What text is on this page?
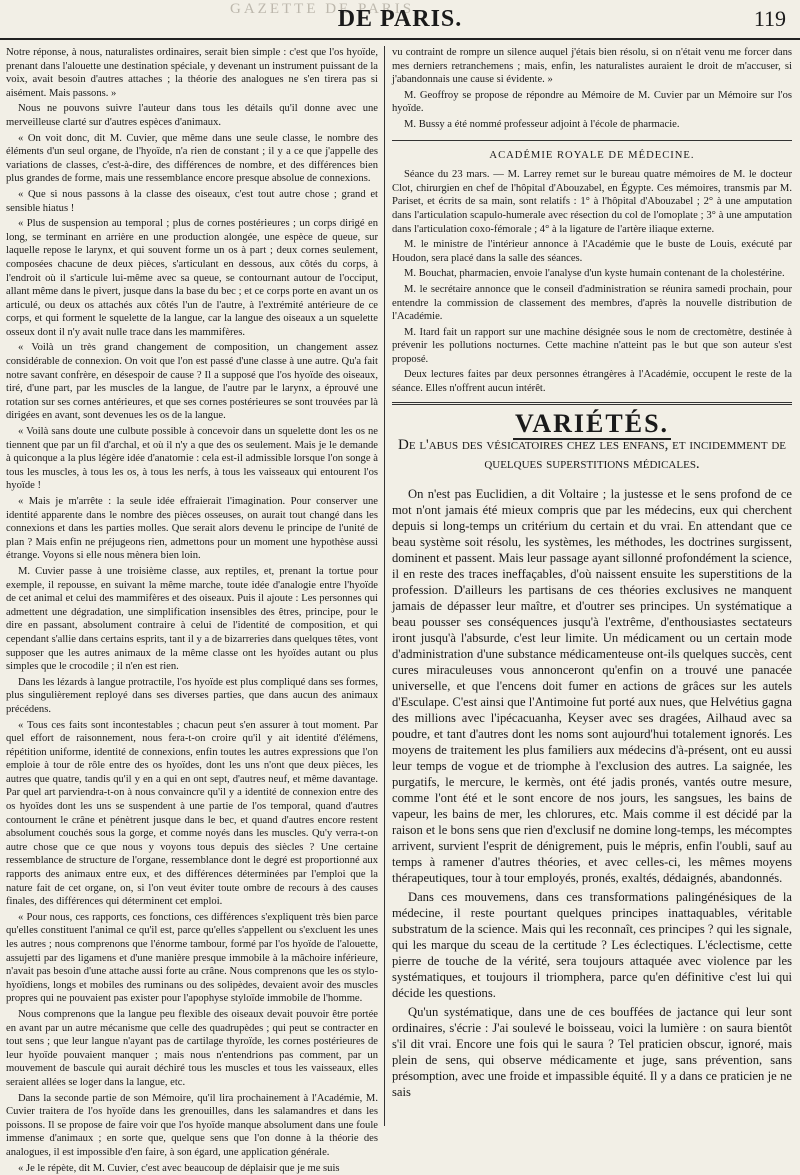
GAZETTE DE PARIS
DE PARIS.	119

Notre réponse, à nous, naturalistes ordinaires, serait bien simple : c'est que l'os hyoïde, prenant dans l'alouette une destination spéciale, y devenant un instrument puissant de la voix, avait besoin d'autres attaches ; la théorie des analogues ne s'en tirera pas si aisément. Mais passons. »

Nous ne pouvons suivre l'auteur dans tous les détails qu'il donne avec une merveilleuse clarté sur d'autres espèces d'animaux.

« On voit donc, dit M. Cuvier, que même dans une seule classe, le nombre des éléments d'un seul organe, de l'hyoïde, n'a rien de constant ; il y a ce que j'appelle des variations de classes, c'est-à-dire, des différences de nombre, et des différences bien plus grandes de forme, mais une ressemblance encore presque absolue de connexions.

« Que si nous passons à la classe des oiseaux, c'est tout autre chose ; grand et sensible hiatus !

« Plus de suspension au temporal ; plus de cornes postérieures ; un corps dirigé en long, se terminant en arrière en une production alongée, une espèce de queue, sur laquelle repose le larynx, et qui souvent forme un os à part ; deux cornes seulement, composées chacune de deux pièces, s'articulant en dessous, aux côtés du corps, à l'endroit où il s'articule lui-même avec sa queue, se contournant autour de l'occiput, allant même dans le pivert, jusque dans la base du bec ; et ce corps porte en avant un os articulé, ou deux os attachés aux côtés l'un de l'autre, à l'extrémité antérieure de ce corps, et qui forment le squelette de la langue, car la langue des oiseaux a un squelette osseux dont il n'y avait nulle trace dans les mammifères.

« Voilà un très grand changement de composition, un changement assez considérable de connexion. On voit que l'on est passé d'une classe à une autre. Qu'a fait notre savant confrère, en désespoir de cause ? Il a supposé que l'os hyoïde des oiseaux, tiré, d'une part, par les muscles de la langue, de l'autre par le larynx, a éprouvé une rotation sur ses cornes antérieures, et que ses cornes postérieures se sont trouvées par là dirigées en avant, sont devenues les os de la langue.

« Voilà sans doute une culbute possible à concevoir dans un squelette dont les os ne tiennent que par un fil d'archal, et où il n'y a que des os seulement. Mais je le demande à quiconque a la plus légère idée d'anatomie : cela est-il admissible lorsque l'on songe à tous les muscles, à tous les os, à tous les nerfs, à tous les vaisseaux qui entourent l'os hyoïde !

« Mais je m'arrête : la seule idée effraierait l'imagination. Pour conserver une identité apparente dans le nombre des pièces osseuses, on aurait tout changé dans les connexions et dans les parties molles. Que serait alors devenu le principe de l'unité de plan ? Mais enfin ne préjugeons rien, admettons pour un moment une hypothèse aussi étrange. Voyons si elle nous mènera bien loin.

M. Cuvier passe à une troisième classe, aux reptiles, et, prenant la tortue pour exemple, il repousse, en suivant la même marche, toute idée d'analogie entre l'hyoïde de cet animal et celui des mammifères et des oiseaux. Puis il ajoute : Les personnes qui admettent une dégradation, une simplification insensibles des êtres, principe, pour le dire en passant, absolument contraire à celui de l'identité de composition, et qui cependant s'allie dans certains esprits, tant il y a de bizarreries dans quelques têtes, vont supposer que les autres animaux de la même classe ont les hyoïdes autant ou plus simples que le crocodile ; il n'en est rien.

Dans les lézards à langue protractile, l'os hyoïde est plus compliqué dans ses formes, plus singulièrement reployé dans ses diverses parties, que dans aucun des animaux précédens.

« Tous ces faits sont incontestables ; chacun peut s'en assurer à tout moment. Par quel effort de raisonnement, nous fera-t-on croire qu'il y ait identité d'élémens, répétition uniforme, identité de connexions, enfin toutes les autres expressions que l'on emploie à tour de rôle entre des os hyoïdes, dont les uns n'ont que deux pièces, les autres que quatre, tandis qu'il y en a qui en ont sept, d'autres neuf, et même davantage. Par quel art parviendra-t-on à nous convaincre qu'il y a identité de connexion entre des os hyoïdes dont les uns se suspendent à une partie de l'os temporal, quand d'autres contournent le crâne et pénètrent jusque dans le bec, et quand d'autres encore restent absolument couchés sous la gorge, et comme noyés dans les muscles. Qu'y verra-t-on autre chose que ce que nous y voyons tous depuis des siècles ? Une certaine ressemblance de structure de l'organe, ressemblance dont le degré est proportionné aux rapports des animaux entre eux, et des différences déterminées par l'emploi que la nature fait de cet organe, on, si l'on veut éviter toute ombre de recours à des causes finales, des différences qui déterminent cet emploi.

« Pour nous, ces rapports, ces fonctions, ces différences s'expliquent très bien parce qu'elles constituent l'animal ce qu'il est, parce qu'elles s'appellent ou s'excluent les unes les autres ; nous comprenons que l'énorme tambour, formé par l'os hyoïde de l'alouette, assujetti par des ligamens et d'une manière presque immobile à la mâchoire inférieure, n'avait pas besoin d'une attache aussi forte au crâne. Nous comprenons que les os stylo-hyoïdiens, longs et mobiles des ruminans ou des solipèdes, devaient avoir des muscles propres qui ne pouvaient pas exister pour l'apophyse styloïde immobile de l'homme.

Nous comprenons que la langue peu flexible des oiseaux devait pouvoir être portée en avant par un autre mécanisme que celle des quadrupèdes ; qui peut se contracter en tout sens ; que leur langue n'ayant pas de cartilage thyroïde, les cornes postérieures de leur hyoïde pouvaient manquer ; mais nous n'entendrions pas comment, par un mouvement de bascule qui aurait déchiré tous les muscles et tous les vaisseaux, elles seraient allées se loger dans la langue, etc.

Dans la seconde partie de son Mémoire, qu'il lira prochainement à l'Académie, M. Cuvier traitera de l'os hyoïde dans les grenouilles, dans les salamandres et dans les poissons. Il se propose de faire voir que l'os hyoïde manque absolument dans une foule immense d'animaux ; en sorte que, quelque sens que l'on donne à la théorie des analogues, il est impossible d'en faire, à son égard, une application générale.

« Je le répète, dit M. Cuvier, c'est avec beaucoup de déplaisir que je me suis

vu contraint de rompre un silence auquel j'étais bien résolu, si on n'était venu me forcer dans mes derniers retranchemens ; mais, enfin, les naturalistes auraient le droit de m'accuser, si j'abandonnais une cause si évidente. »

M. Geoffroy se propose de répondre au Mémoire de M. Cuvier par un Mémoire sur l'os hyoïde.

M. Bussy a été nommé professeur adjoint à l'école de pharmacie.

ACADÉMIE ROYALE DE MÉDECINE.

Séance du 23 mars. — M. Larrey remet sur le bureau quatre mémoires de M. le docteur Clot, chirurgien en chef de l'hôpital d'Abouzabel, en Égypte. Ces mémoires, transmis par M. Pariset, et écrits de sa main, sont relatifs : 1° à l'hôpital d'Abouzabel ; 2° à une amputation dans l'articulation scapulo-humerale avec résection du col de l'omoplate ; 3° à une amputation dans l'articulation coxo-fémorale ; 4° à la ligature de l'artère iliaque externe.

M. le ministre de l'intérieur annonce à l'Académie que le buste de Louis, exécuté par Houdon, sera placé dans la salle des séances.

M. Bouchat, pharmacien, envoie l'analyse d'un kyste humain contenant de la cholestérine.

M. le secrétaire annonce que le conseil d'administration se réunira samedi prochain, pour entendre la commission de classement des membres, d'après la nouvelle distribution de l'Académie.

M. Itard fait un rapport sur une machine désignée sous le nom de crectomètre, destinée à prévenir les pollutions nocturnes. Cette machine n'atteint pas le but que son auteur s'est proposé.

Deux lectures faites par deux personnes étrangères à l'Académie, occupent le reste de la séance. Elles n'offrent aucun intérêt.

VARIÉTÉS.
De l'abus des vésicatoires chez les enfans, et incidemment de quelques superstitions médicales.

On n'est pas Euclidien, a dit Voltaire ; la justesse et le sens profond de ce mot n'ont jamais été mieux compris que par les médecins, eux qui cherchent depuis si long-temps un critérium du certain et du vrai. En attendant que ce beau système soit résolu, les systèmes, les méthodes, les doctrines surgissent, dominent et passent. Mais leur passage ayant sillonné profondément la science, il en reste des traces ineffaçables, d'où naissent ensuite les superstitions de la profession. D'ailleurs les partisans de ces théories exclusives ne manquent jamais de dépasser leur maître, et d'outrer ses principes. Un systématique a beau pousser ses conséquences jusqu'à l'extrême, d'enthousiastes sectateurs iront jusqu'à l'absurde, c'est leur limite. Un médicament ou un certain mode d'administration d'une substance médicamenteuse ont-ils quelques succès, cent cures miraculeuses vous annonceront qu'enfin on a trouvé une panacée universelle, et que l'encens doit fumer en actions de grâces sur les autels d'Esculape. C'est ainsi que l'Antimoine fut porté aux nues, que Helvétius gagna des millions avec l'ipécacuanha, Keyser avec ses dragées, Ailhaud avec sa poudre, et tant d'autres dont les noms sont aujourd'hui totalement ignorés. Les moyens de traitement les plus familiers aux médecins d'à-présent, ont eu aussi leur temps de vogue et de triomphe à l'exclusion des autres. La saignée, les purgatifs, le mercure, le kermès, ont été jadis pronés, vantés outre mesure, comme l'ont été et le sont encore de nos jours, les sangsues, les bains de vapeur, les bains de mer, les chlorures, etc. Mais comme il est décidé par la raison et le bons sens que rien d'exclusif ne domine long-temps, les mécomptes arrivent, survient l'esprit de dénigrement, puis le mépris, enfin l'oubli, sauf au temps à ramener d'autres théories, et avec celles-ci, les mêmes moyens thérapeutiques, tour à tour employés, pronés, exaltés, dédaignés, abandonnés.

Dans ces mouvemens, dans ces transformations palingénésiques de la médecine, il reste pourtant quelques principes inattaquables, véritable substratum de la science. Mais qui les reconnaît, ces principes ? qui les signale, qui les marque du sceau de la certitude ? Les éclectiques. L'éclectisme, cette pierre de touche de la vérité, sera toujours attaquée avec violence par les systématiques, et toujours il triomphera, parce qu'en définitive c'est lui qui décide les questions.

Qu'un systématique, dans une de ces bouffées de jactance qui leur sont ordinaires, s'écrie : J'ai soulevé le boisseau, voici la lumière : on saura bientôt s'il dit vrai. Encore une fois qui le saura ? Tel praticien obscur, ignoré, mais plein de sens, qui observe médicamente et juge, sans prévention, sans présomption, avec une froide et impassible équité. Il y a dans ce praticien je ne sais
